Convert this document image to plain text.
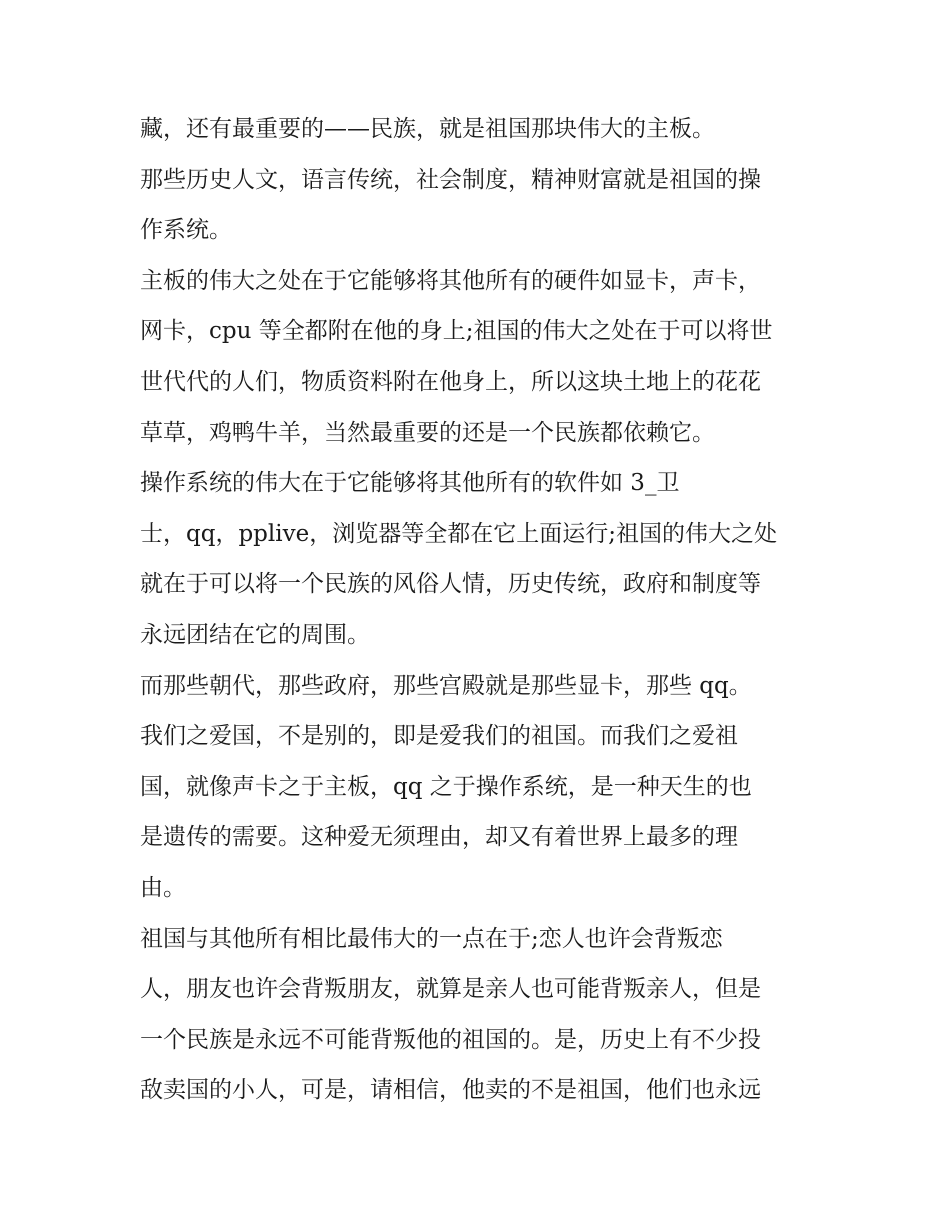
藏，还有最重要的——民族，就是祖国那块伟大的主板。
那些历史人文，语言传统，社会制度，精神财富就是祖国的操
作系统。
主板的伟大之处在于它能够将其他所有的硬件如显卡，声卡，
网卡，cpu 等全都附在他的身上;祖国的伟大之处在于可以将世
世代代的人们，物质资料附在他身上，所以这块土地上的花花
草草，鸡鸭牛羊，当然最重要的还是一个民族都依赖它。
操作系统的伟大在于它能够将其他所有的软件如 3_卫
士，qq，pplive，浏览器等全都在它上面运行;祖国的伟大之处
就在于可以将一个民族的风俗人情，历史传统，政府和制度等
永远团结在它的周围。
而那些朝代，那些政府，那些宫殿就是那些显卡，那些 qq。
我们之爱国，不是别的，即是爱我们的祖国。而我们之爱祖
国，就像声卡之于主板，qq 之于操作系统，是一种天生的也
是遗传的需要。这种爱无须理由，却又有着世界上最多的理
由。
祖国与其他所有相比最伟大的一点在于;恋人也许会背叛恋
人，朋友也许会背叛朋友，就算是亲人也可能背叛亲人，但是
一个民族是永远不可能背叛他的祖国的。是，历史上有不少投
敌卖国的小人，可是，请相信，他卖的不是祖国，他们也永远
